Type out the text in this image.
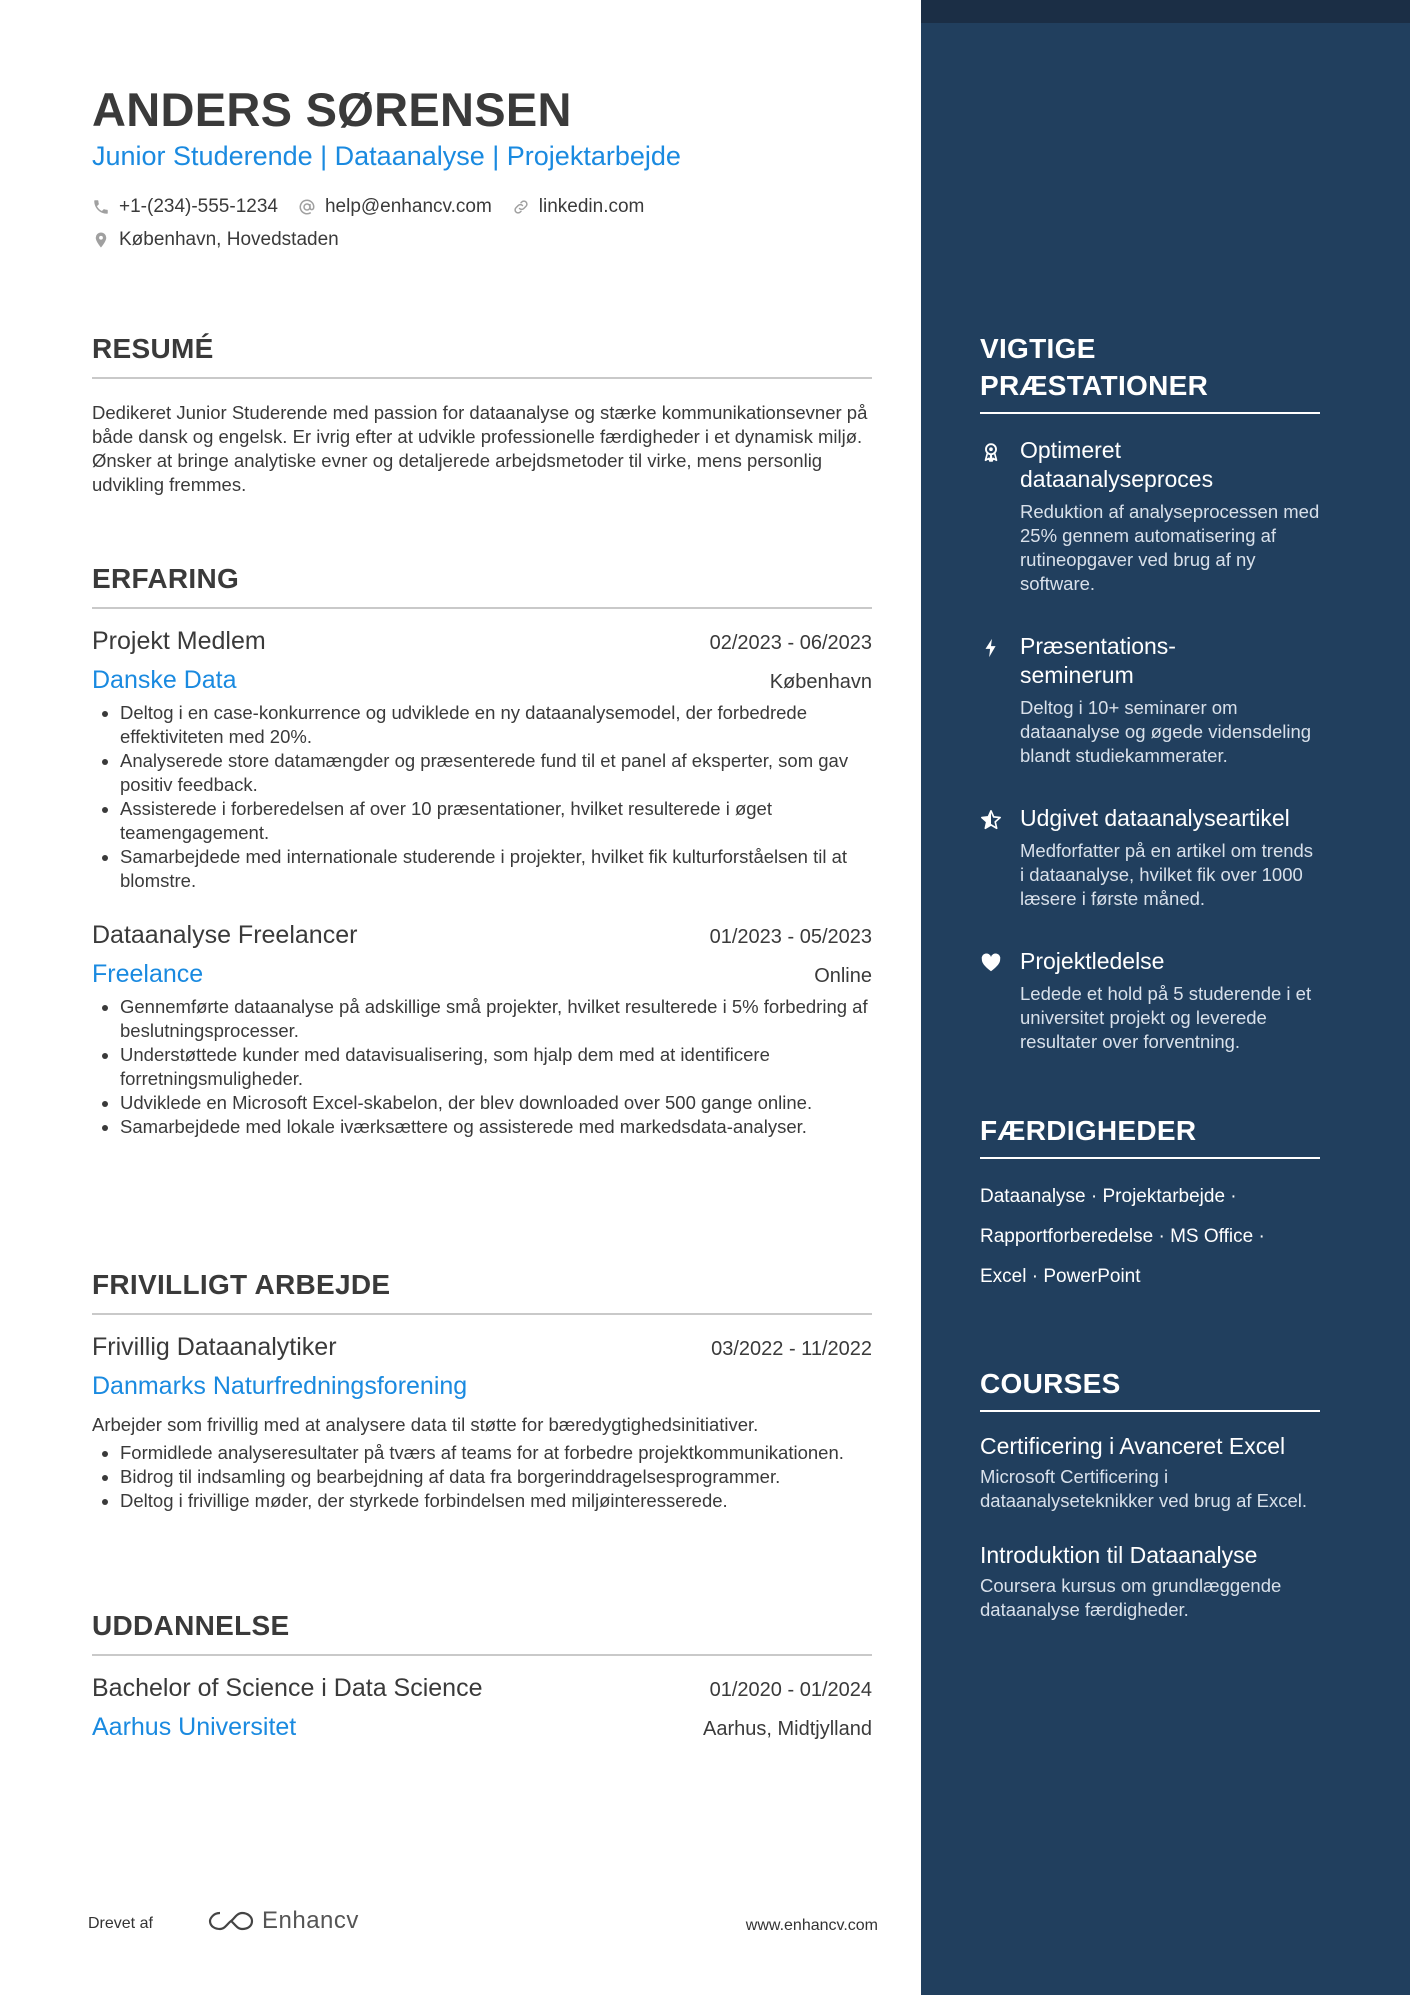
ANDERS SØRENSEN
Junior Studerende | Dataanalyse | Projektarbejde
+1-(234)-555-1234 help@enhancv.com linkedin.com
København, Hovedstaden
RESUMÉ
Dedikeret Junior Studerende med passion for dataanalyse og stærke kommunikationsevner på både dansk og engelsk. Er ivrig efter at udvikle professionelle færdigheder i et dynamisk miljø. Ønsker at bringe analytiske evner og detaljerede arbejdsmetoder til virke, mens personlig udvikling fremmes.
ERFARING
Projekt Medlem	02/2023 - 06/2023
Danske Data	København
• Deltog i en case-konkurrence og udviklede en ny dataanalysemodel, der forbedrede effektiviteten med 20%.
• Analyserede store datamængder og præsenterede fund til et panel af eksperter, som gav positiv feedback.
• Assisterede i forberedelsen af over 10 præsentationer, hvilket resulterede i øget teamengagement.
• Samarbejdede med internationale studerende i projekter, hvilket fik kulturforståelsen til at blomstre.
Dataanalyse Freelancer	01/2023 - 05/2023
Freelance	Online
• Gennemførte dataanalyse på adskillige små projekter, hvilket resulterede i 5% forbedring af beslutningsprocesser.
• Understøttede kunder med datavisualisering, som hjalp dem med at identificere forretningsmuligheder.
• Udviklede en Microsoft Excel-skabelon, der blev downloaded over 500 gange online.
• Samarbejdede med lokale iværksættere og assisterede med markedsdata-analyser.
FRIVILLIGT ARBEJDE
Frivillig Dataanalytiker	03/2022 - 11/2022
Danmarks Naturfredningsforening
Arbejder som frivillig med at analysere data til støtte for bæredygtighedsinitiativer.
• Formidlede analyseresultater på tværs af teams for at forbedre projektkommunikationen.
• Bidrog til indsamling og bearbejdning af data fra borgerinddragelsesprogrammer.
• Deltog i frivillige møder, der styrkede forbindelsen med miljøinteresserede.
UDDANNELSE
Bachelor of Science i Data Science	01/2020 - 01/2024
Aarhus Universitet	Aarhus, Midtjylland
Drevet af	Enhancv	www.enhancv.com
VIGTIGE PRÆSTATIONER
Optimeret dataanalyseproces
Reduktion af analyseprocessen med 25% gennem automatisering af rutineopgaver ved brug af ny software.
Præsentations-seminerum
Deltog i 10+ seminarer om dataanalyse og øgede vidensdeling blandt studiekammerater.
Udgivet dataanalyseartikel
Medforfatter på en artikel om trends i dataanalyse, hvilket fik over 1000 læsere i første måned.
Projektledelse
Ledede et hold på 5 studerende i et universitet projekt og leverede resultater over forventning.
FÆRDIGHEDER
Dataanalyse · Projektarbejde ·
Rapportforberedelse · MS Office ·
Excel · PowerPoint
COURSES
Certificering i Avanceret Excel
Microsoft Certificering i dataanalyseteknikker ved brug af Excel.
Introduktion til Dataanalyse
Coursera kursus om grundlæggende dataanalyse færdigheder.
